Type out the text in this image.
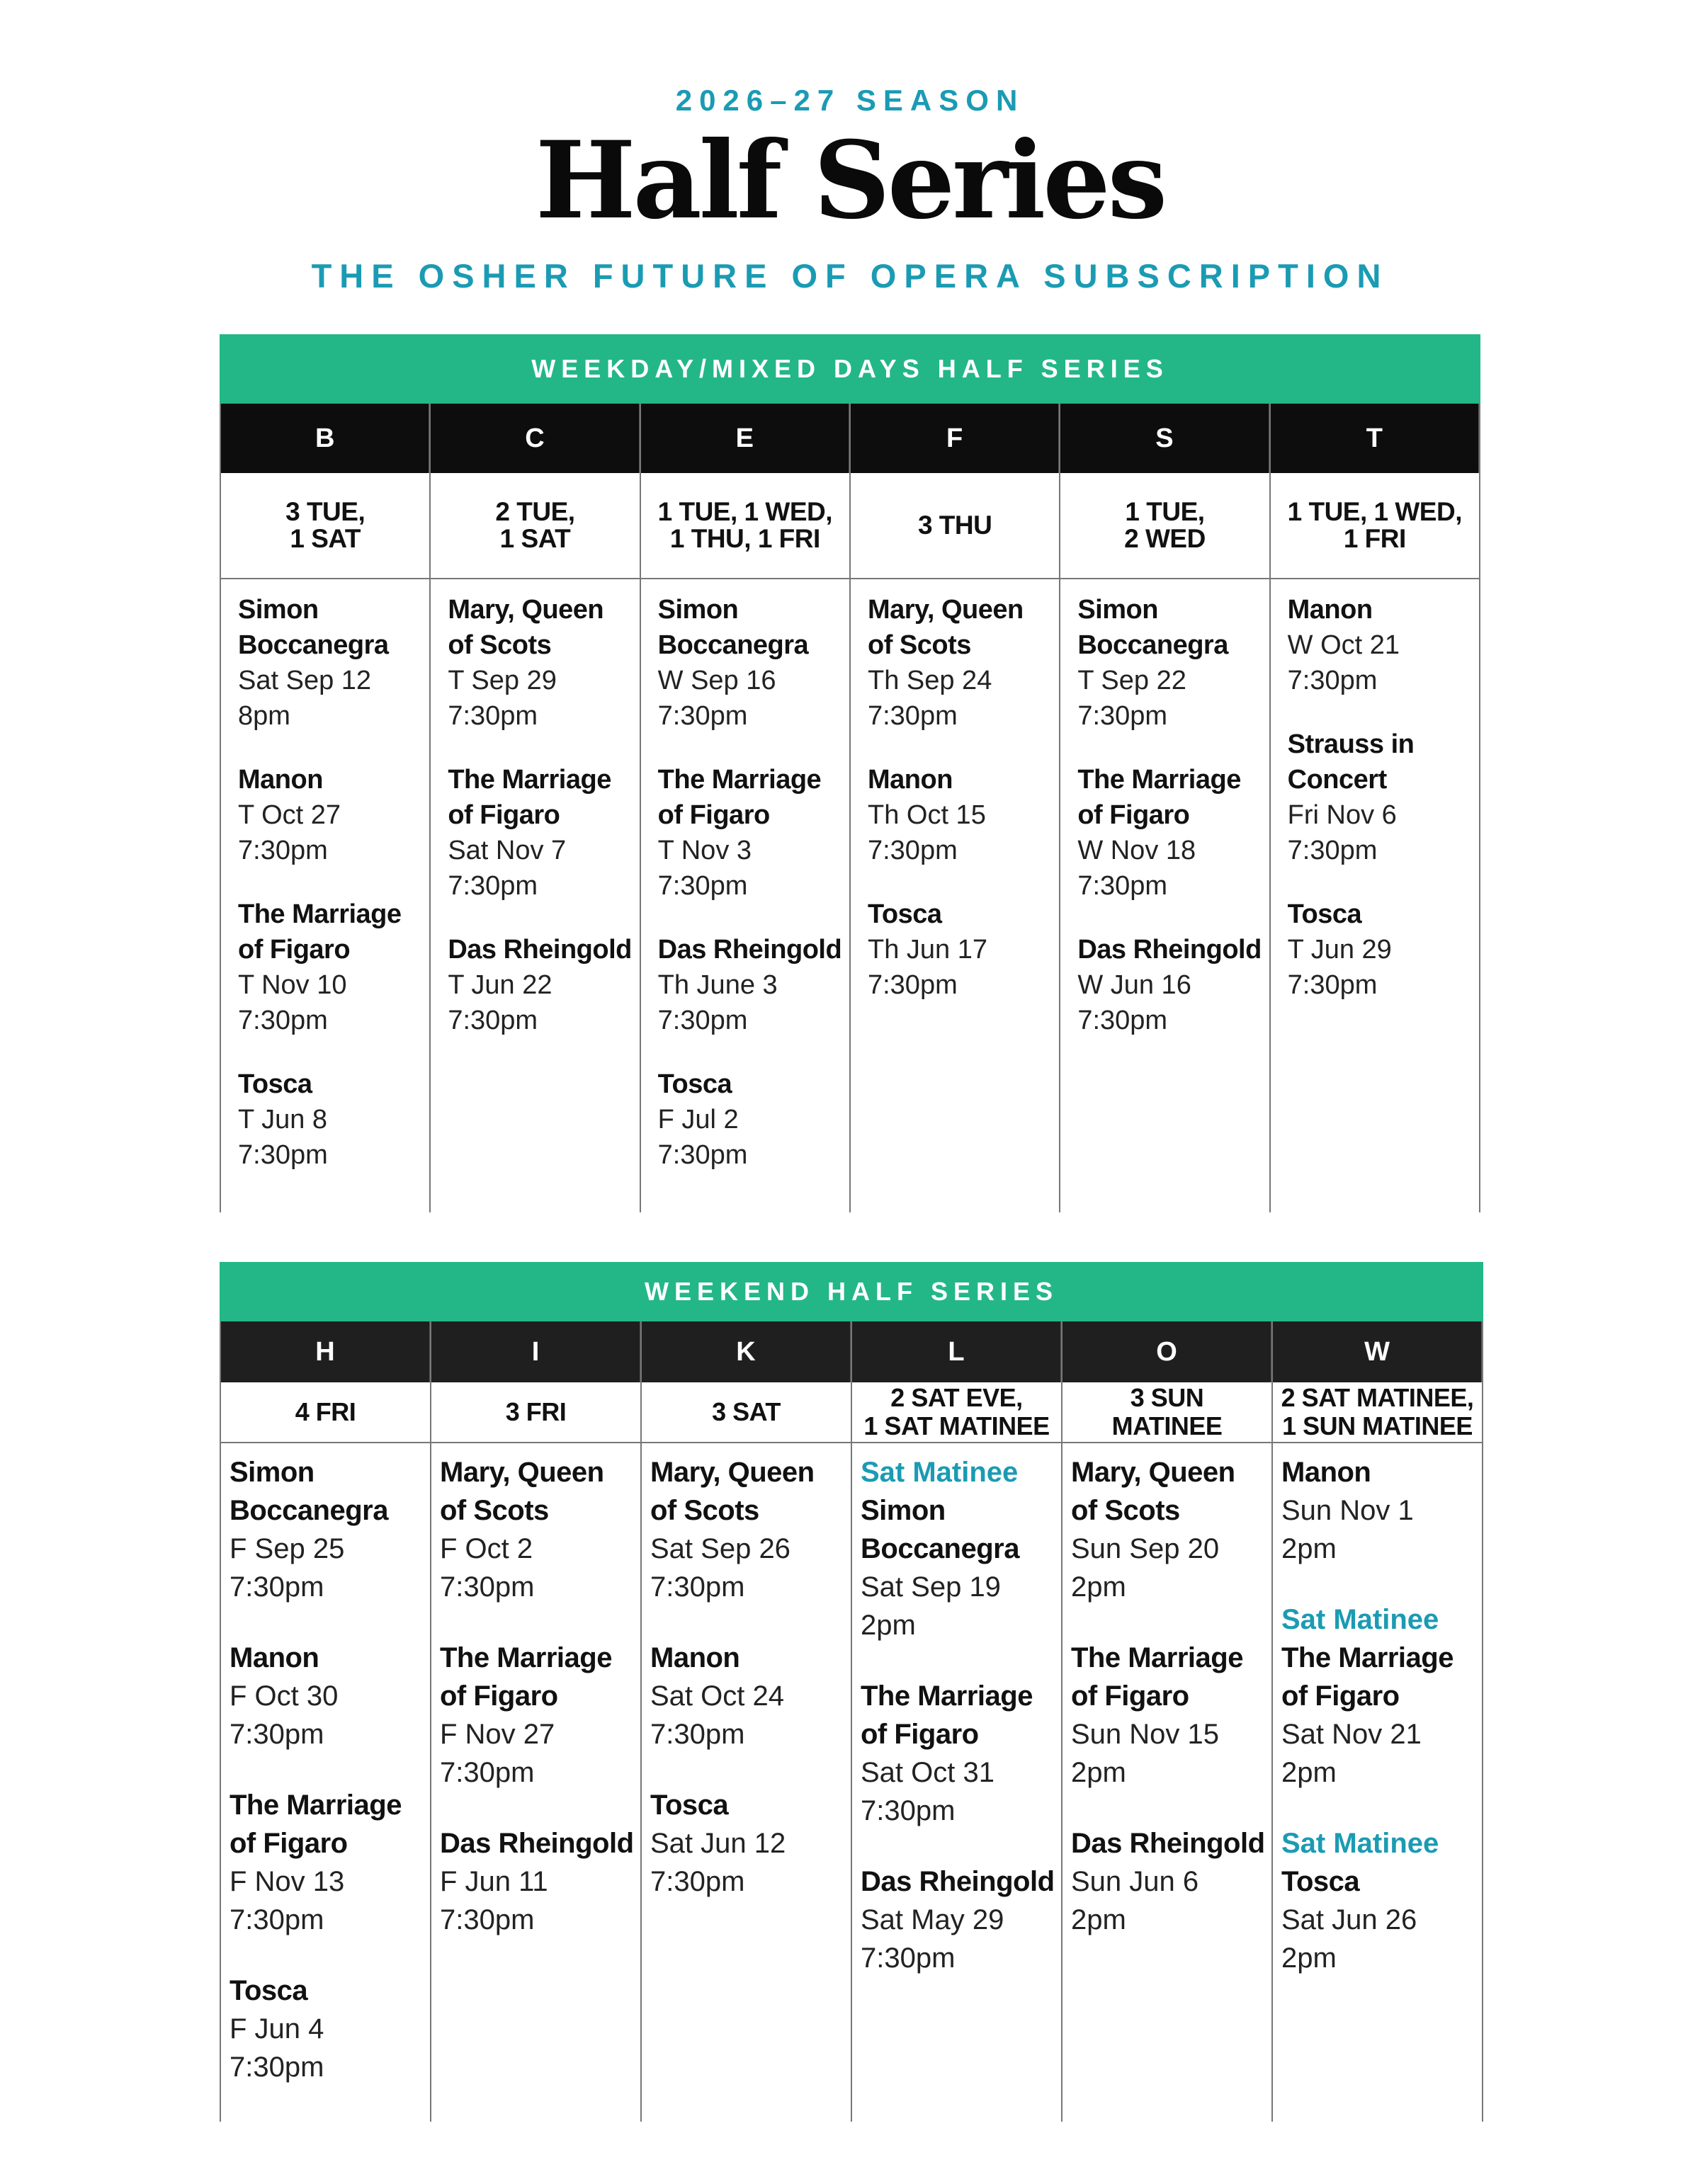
2026–27 SEASON
Half Series
THE OSHER FUTURE OF OPERA SUBSCRIPTION
WEEKDAY/MIXED DAYS HALF SERIES
B
3 TUE,
1 SAT
Simon
Boccanegra
Sat Sep 12
8pm
Manon
T Oct 27
7:30pm
The Marriage
of Figaro
T Nov 10
7:30pm
Tosca
T Jun 8
7:30pm
C
2 TUE,
1 SAT
Mary, Queen
of Scots
T Sep 29
7:30pm
The Marriage
of Figaro
Sat Nov 7
7:30pm
Das Rheingold
T Jun 22
7:30pm
E
1 TUE, 1 WED,
1 THU, 1 FRI
Simon
Boccanegra
W Sep 16
7:30pm
The Marriage
of Figaro
T Nov 3
7:30pm
Das Rheingold
Th June 3
7:30pm
Tosca
F Jul 2
7:30pm
F
3 THU
Mary, Queen
of Scots
Th Sep 24
7:30pm
Manon
Th Oct 15
7:30pm
Tosca
Th Jun 17
7:30pm
S
1 TUE,
2 WED
Simon
Boccanegra
T Sep 22
7:30pm
The Marriage
of Figaro
W Nov 18
7:30pm
Das Rheingold
W Jun 16
7:30pm
T
1 TUE, 1 WED,
1 FRI
Manon
W Oct 21
7:30pm
Strauss in
Concert
Fri Nov 6
7:30pm
Tosca
T Jun 29
7:30pm
WEEKEND HALF SERIES
H
4 FRI
Simon
Boccanegra
F Sep 25
7:30pm
Manon
F Oct 30
7:30pm
The Marriage
of Figaro
F Nov 13
7:30pm
Tosca
F Jun 4
7:30pm
I
3 FRI
Mary, Queen
of Scots
F Oct 2
7:30pm
The Marriage
of Figaro
F Nov 27
7:30pm
Das Rheingold
F Jun 11
7:30pm
K
3 SAT
Mary, Queen
of Scots
Sat Sep 26
7:30pm
Manon
Sat Oct 24
7:30pm
Tosca
Sat Jun 12
7:30pm
L
2 SAT EVE,
1 SAT MATINEE
Sat Matinee
Simon
Boccanegra
Sat Sep 19
2pm
The Marriage
of Figaro
Sat Oct 31
7:30pm
Das Rheingold
Sat May 29
7:30pm
O
3 SUN
MATINEE
Mary, Queen
of Scots
Sun Sep 20
2pm
The Marriage
of Figaro
Sun Nov 15
2pm
Das Rheingold
Sun Jun 6
2pm
W
2 SAT MATINEE,
1 SUN MATINEE
Manon
Sun Nov 1
2pm
Sat Matinee
The Marriage
of Figaro
Sat Nov 21
2pm
Sat Matinee
Tosca
Sat Jun 26
2pm
